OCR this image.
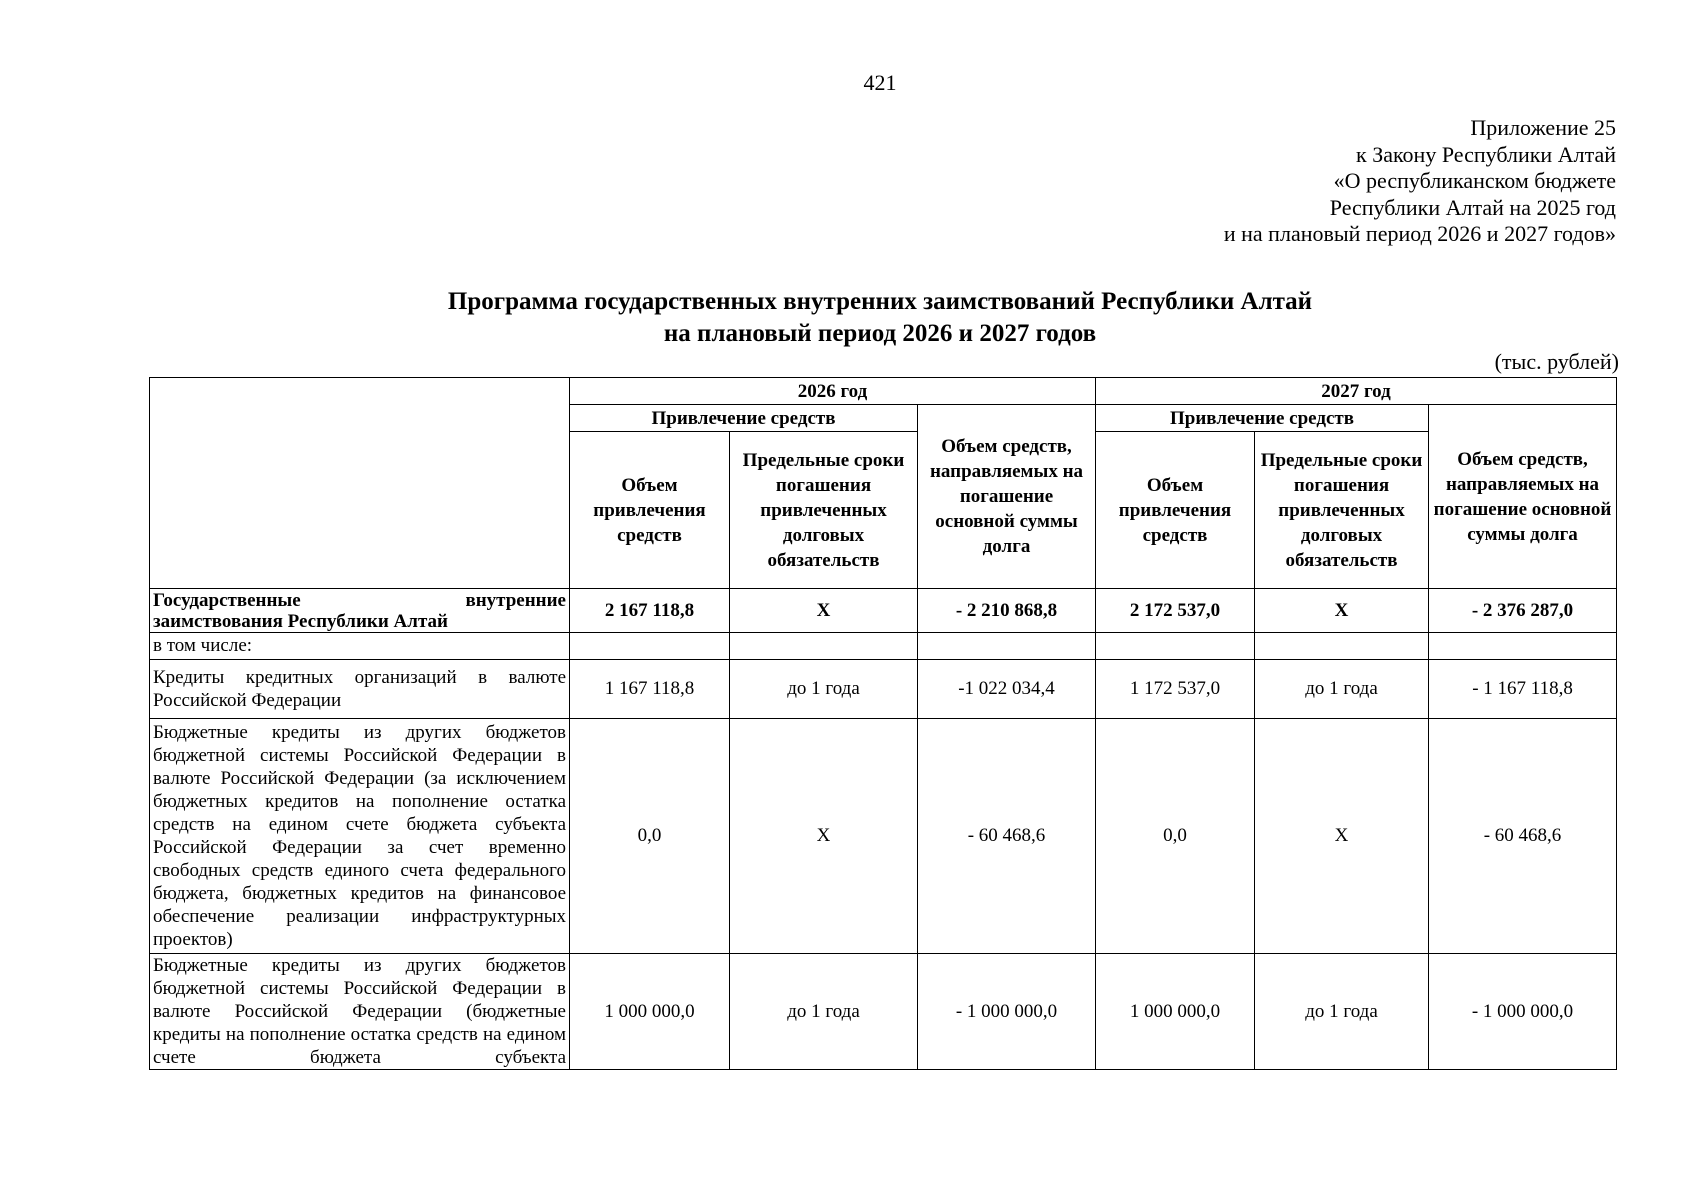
421
Приложение 25
к Закону Республики Алтай
«О республиканском бюджете
Республики Алтай на 2025 год
и на плановый период 2026 и 2027 годов»
Программа государственных внутренних заимствований Республики Алтай
на плановый период 2026 и 2027 годов
(тыс. рублей)
	2026 год			2027 год		
	Привлечение средств		Объем средств, направляемых на погашение основной суммы долга	Привлечение средств		Объем средств, направляемых на погашение основной суммы долга
	Объем привлечения средств	Предельные сроки погашения привлеченных долговых обязательств		Объем привлечения средств	Предельные сроки погашения привлеченных долговых обязательств	

Государственные внутренние
заимствования Республики Алтай	2 167 118,8	Х	- 2 210 868,8	2 172 537,0	Х	- 2 376 287,0
в том числе:						
Кредиты кредитных организаций в валюте Российской Федерации	1 167 118,8	до 1 года	-1 022 034,4	1 172 537,0	до 1 года	- 1 167 118,8
Бюджетные кредиты из других бюджетов бюджетной системы Российской Федерации в валюте Российской Федерации (за исключением бюджетных кредитов на пополнение остатка средств на едином счете бюджета субъекта Российской Федерации за счет временно свободных средств единого счета федерального бюджета, бюджетных кредитов на финансовое обеспечение реализации инфраструктурных проектов)	0,0	Х	- 60 468,6	0,0	Х	- 60 468,6
Бюджетные кредиты из других бюджетов бюджетной системы Российской Федерации в валюте Российской Федерации (бюджетные кредиты на пополнение остатка средств на едином счете бюджета субъекта	1 000 000,0	до 1 года	- 1 000 000,0	1 000 000,0	до 1 года	- 1 000 000,0
